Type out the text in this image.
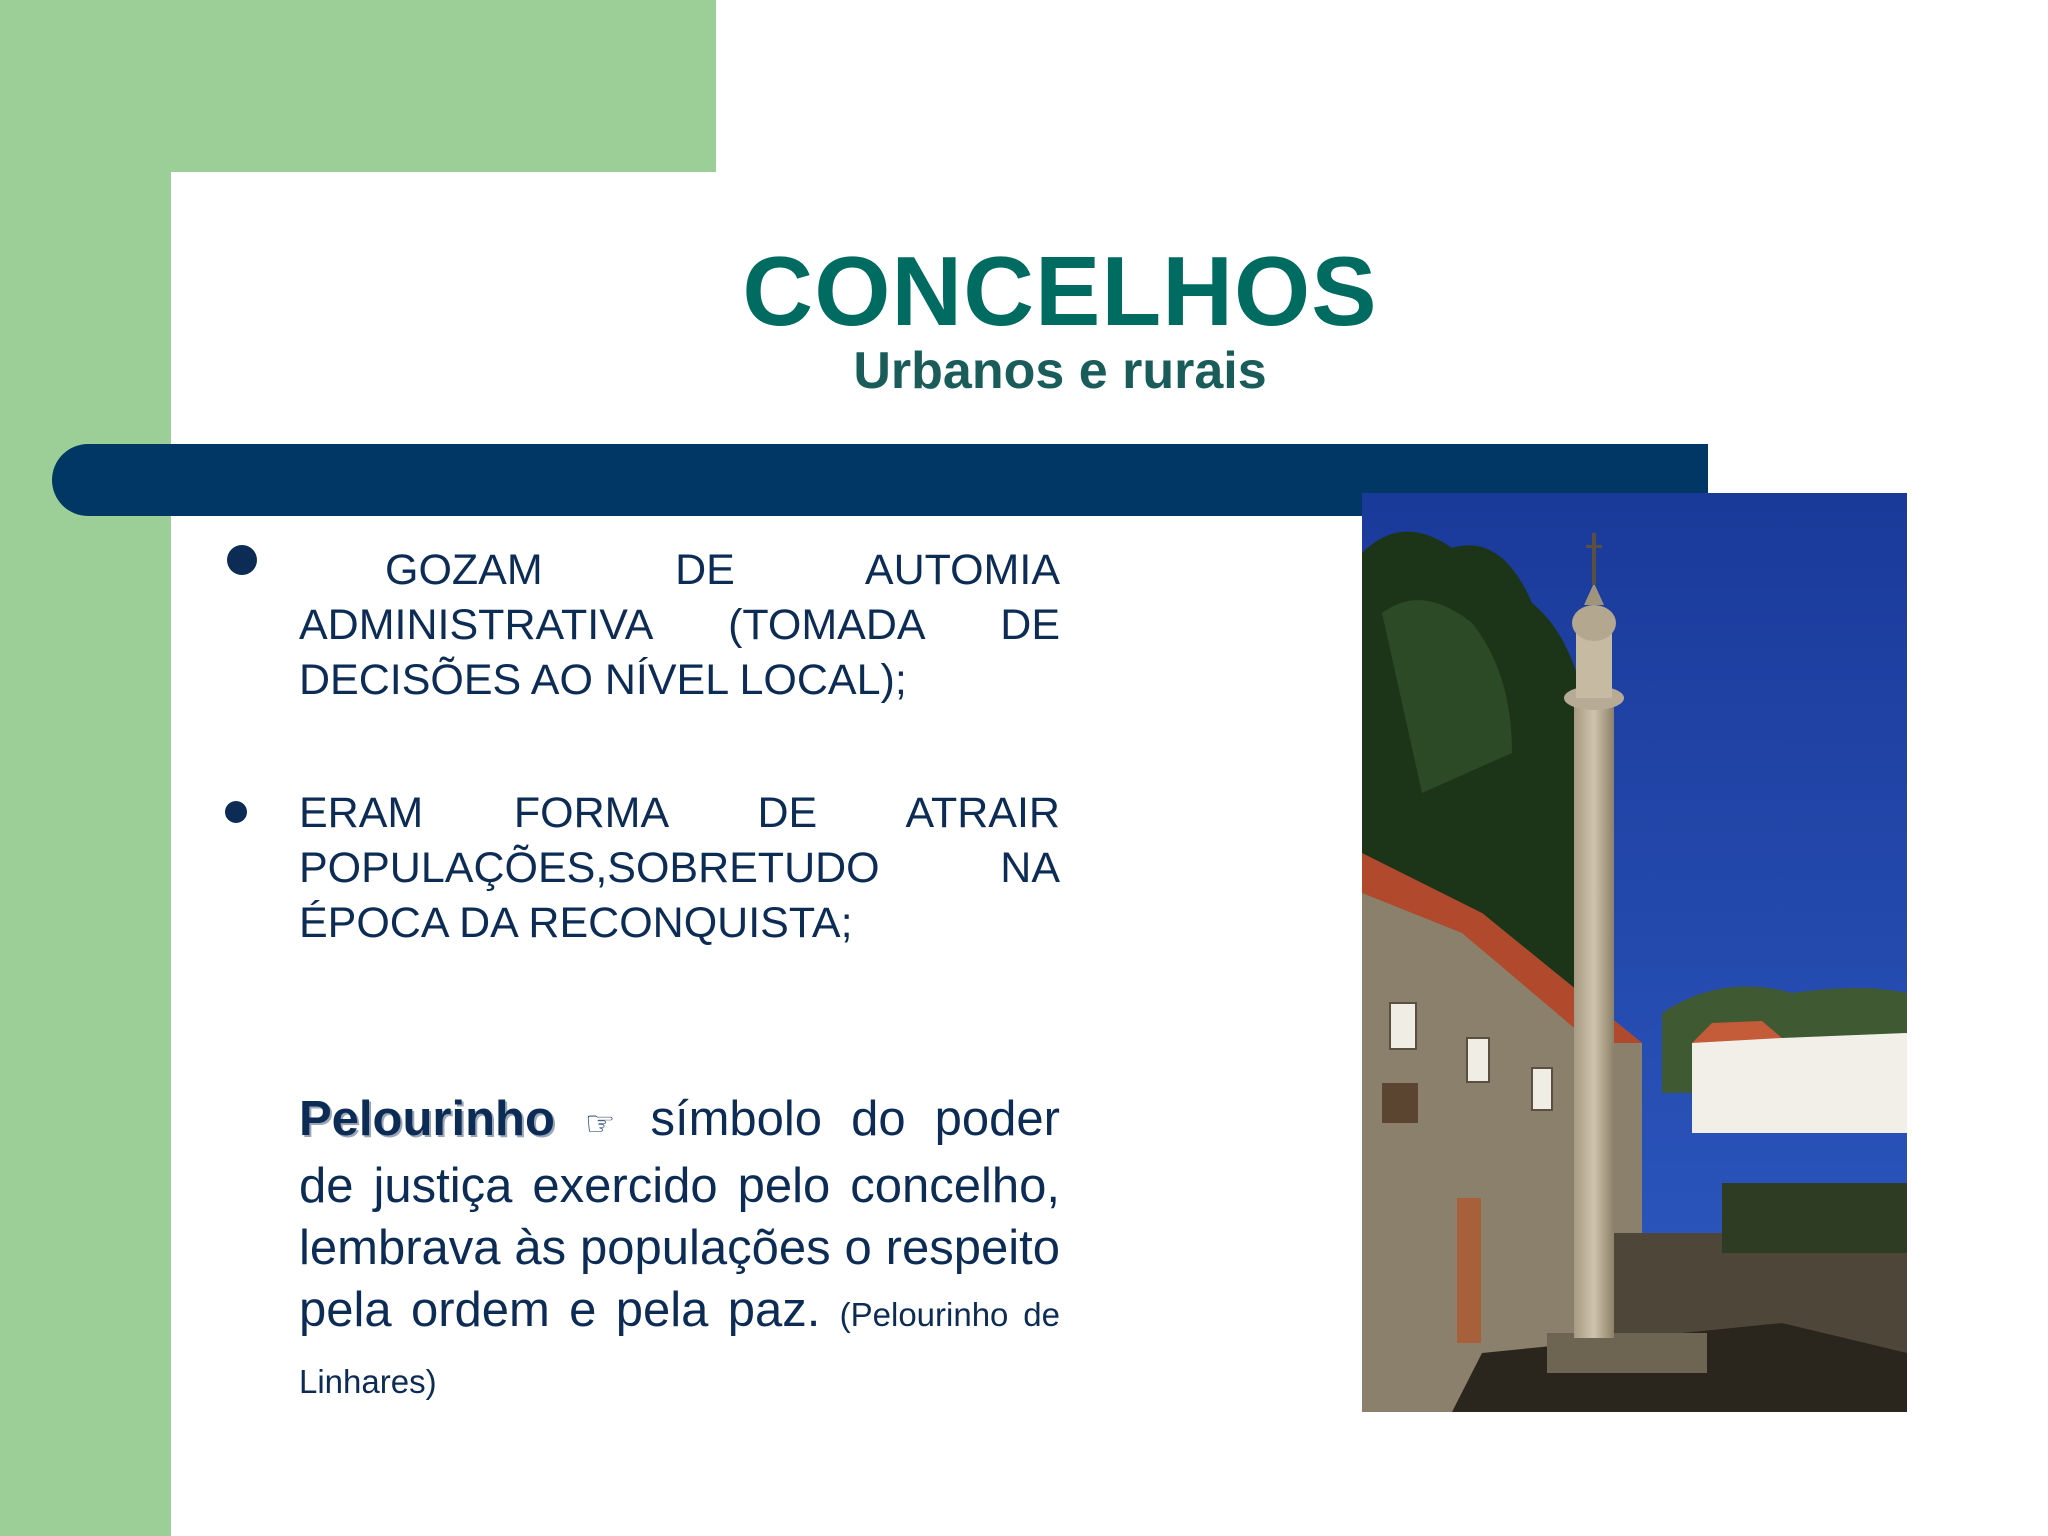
CONCELHOS
Urbanos e rurais
GOZAM DE AUTOMIA ADMINISTRATIVA (TOMADA DE DECISÕES AO NÍVEL LOCAL);
ERAM FORMA DE ATRAIR POPULAÇÕES,SOBRETUDO NA ÉPOCA DA RECONQUISTA;
Pelourinho ☞ símbolo do poder de justiça exercido pelo concelho, lembrava às populações o respeito pela ordem e pela paz. (Pelourinho de Linhares)
